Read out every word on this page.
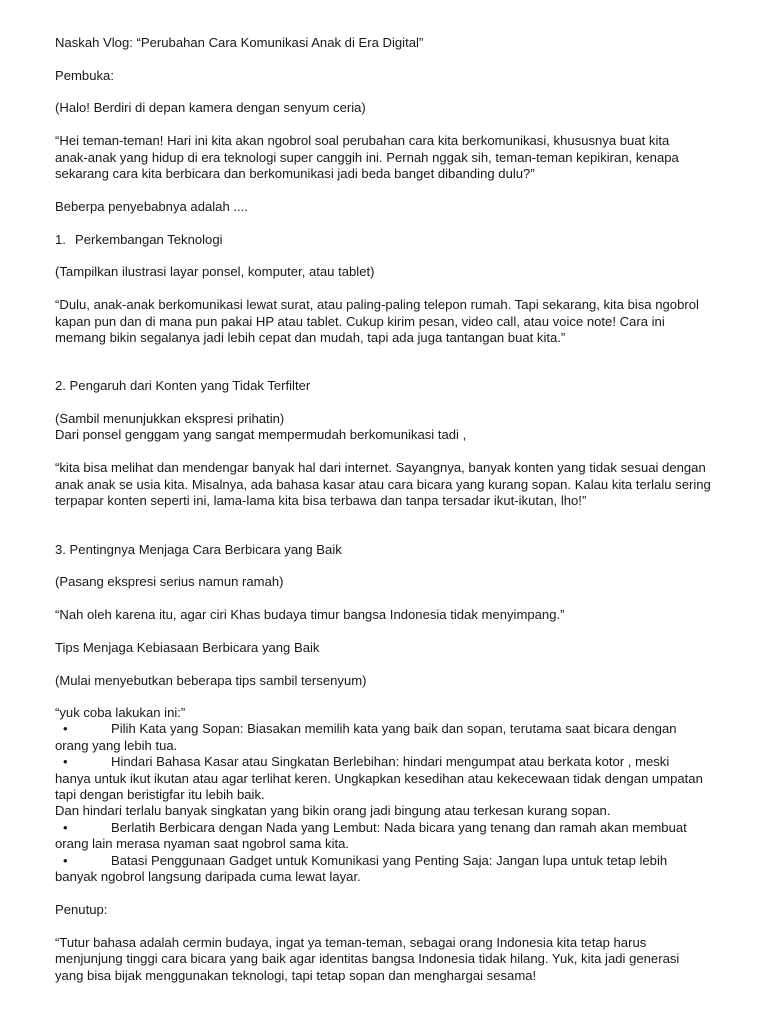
Naskah Vlog: “Perubahan Cara Komunikasi Anak di Era Digital”
Pembuka:
(Halo! Berdiri di depan kamera dengan senyum ceria)
“Hei teman-teman! Hari ini kita akan ngobrol soal perubahan cara kita berkomunikasi, khususnya buat kita
anak-anak yang hidup di era teknologi super canggih ini. Pernah nggak sih, teman-teman kepikiran, kenapa
sekarang cara kita berbicara dan berkomunikasi jadi beda banget dibanding dulu?”
Beberpa penyebabnya adalah ....
1. Perkembangan Teknologi
(Tampilkan ilustrasi layar ponsel, komputer, atau tablet)
“Dulu, anak-anak berkomunikasi lewat surat, atau paling-paling telepon rumah. Tapi sekarang, kita bisa ngobrol
kapan pun dan di mana pun pakai HP atau tablet. Cukup kirim pesan, video call, atau voice note! Cara ini
memang bikin segalanya jadi lebih cepat dan mudah, tapi ada juga tantangan buat kita.”
2. Pengaruh dari Konten yang Tidak Terfilter
(Sambil menunjukkan ekspresi prihatin)
Dari ponsel genggam yang sangat mempermudah berkomunikasi tadi ,
“kita bisa melihat dan mendengar banyak hal dari internet. Sayangnya, banyak konten yang tidak sesuai dengan
anak anak se usia kita. Misalnya, ada bahasa kasar atau cara bicara yang kurang sopan. Kalau kita terlalu sering
terpapar konten seperti ini, lama-lama kita bisa terbawa dan tanpa tersadar ikut-ikutan, lho!”
3. Pentingnya Menjaga Cara Berbicara yang Baik
(Pasang ekspresi serius namun ramah)
“Nah oleh karena itu, agar ciri Khas budaya timur bangsa Indonesia tidak menyimpang.”
Tips Menjaga Kebiasaan Berbicara yang Baik
(Mulai menyebutkan beberapa tips sambil tersenyum)
“yuk coba lakukan ini:”
•	Pilih Kata yang Sopan: Biasakan memilih kata yang baik dan sopan, terutama saat bicara dengan
orang yang lebih tua.
•	Hindari Bahasa Kasar atau Singkatan Berlebihan: hindari mengumpat atau berkata kotor , meski
hanya untuk ikut ikutan atau agar terlihat keren. Ungkapkan kesedihan atau kekecewaan tidak dengan umpatan
tapi dengan beristigfar itu lebih baik.
Dan hindari terlalu banyak singkatan yang bikin orang jadi bingung atau terkesan kurang sopan.
•	Berlatih Berbicara dengan Nada yang Lembut: Nada bicara yang tenang dan ramah akan membuat
orang lain merasa nyaman saat ngobrol sama kita.
•	Batasi Penggunaan Gadget untuk Komunikasi yang Penting Saja: Jangan lupa untuk tetap lebih
banyak ngobrol langsung daripada cuma lewat layar.
Penutup:
“Tutur bahasa adalah cermin budaya, ingat ya teman-teman, sebagai orang Indonesia kita tetap harus
menjunjung tinggi cara bicara yang baik agar identitas bangsa Indonesia tidak hilang. Yuk, kita jadi generasi
yang bisa bijak menggunakan teknologi, tapi tetap sopan dan menghargai sesama!
